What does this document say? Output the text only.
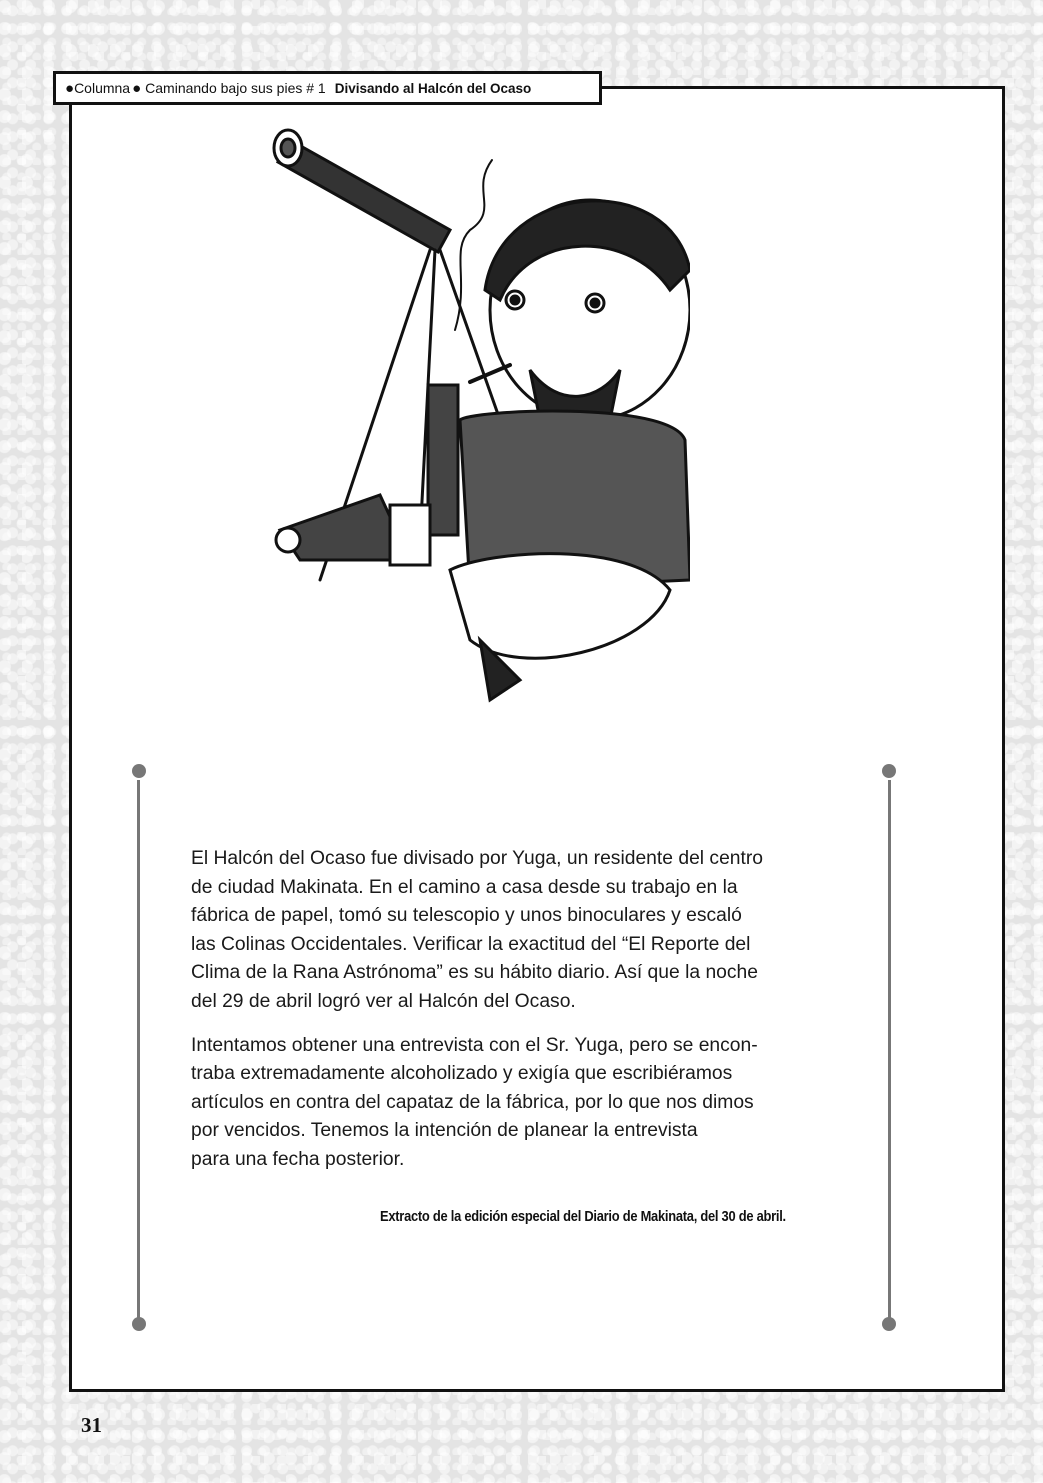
● Columna ● Caminando bajo sus pies # 1 Divisando al Halcón del Ocaso

El Halcón del Ocaso fue divisado por Yuga, un residente del centro
de ciudad Makinata. En el camino a casa desde su trabajo en la
fábrica de papel, tomó su telescopio y unos binoculares y escaló
las Colinas Occidentales. Verificar la exactitud del “El Reporte del
Clima de la Rana Astrónoma” es su hábito diario. Así que la noche
del 29 de abril logró ver al Halcón del Ocaso.

Intentamos obtener una entrevista con el Sr. Yuga, pero se encon-
traba extremadamente alcoholizado y exigía que escribiéramos
artículos en contra del capataz de la fábrica, por lo que nos dimos
por vencidos. Tenemos la intención de planear la entrevista
para una fecha posterior.

Extracto de la edición especial del Diario de Makinata, del 30 de abril.
31
